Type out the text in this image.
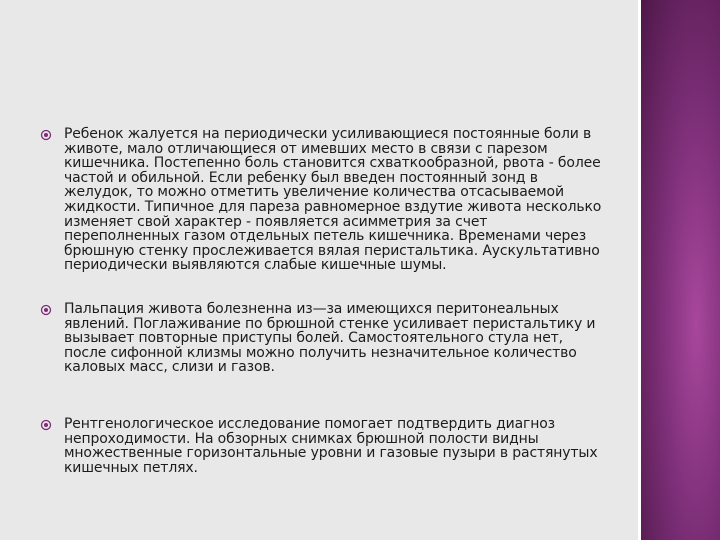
Ребенок жалуется на периодически усиливающиеся постоянные боли в животе, мало отличающиеся от имевших место в связи с парезом кишечника. Постепенно боль становится схваткообразной, рвота - более частой и обильной. Если ребенку был введен постоянный зонд в желудок, то можно отметить увеличение количества отсасываемой жидкости. Типичное для пареза равномерное вздутие живота несколько изменяет свой характер - появляется асимметрия за счет переполненных газом отдельных петель кишечника. Временами через брюшную стенку прослеживается вялая перистальтика. Аускультативно периодически выявляются слабые кишечные шумы.
Пальпация живота болезненна из—за имеющихся перитонеальных явлений. Поглаживание по брюшной стенке усиливает перистальтику и вызывает повторные приступы болей. Самостоятельного стула нет, после сифонной клизмы можно получить незначительное количество каловых масс, слизи и газов.
Рентгенологическое исследование помогает подтвердить диагноз непроходимости. На обзорных снимках брюшной полости видны множественные горизонтальные уровни и газовые пузыри в растянутых кишечных петлях.
